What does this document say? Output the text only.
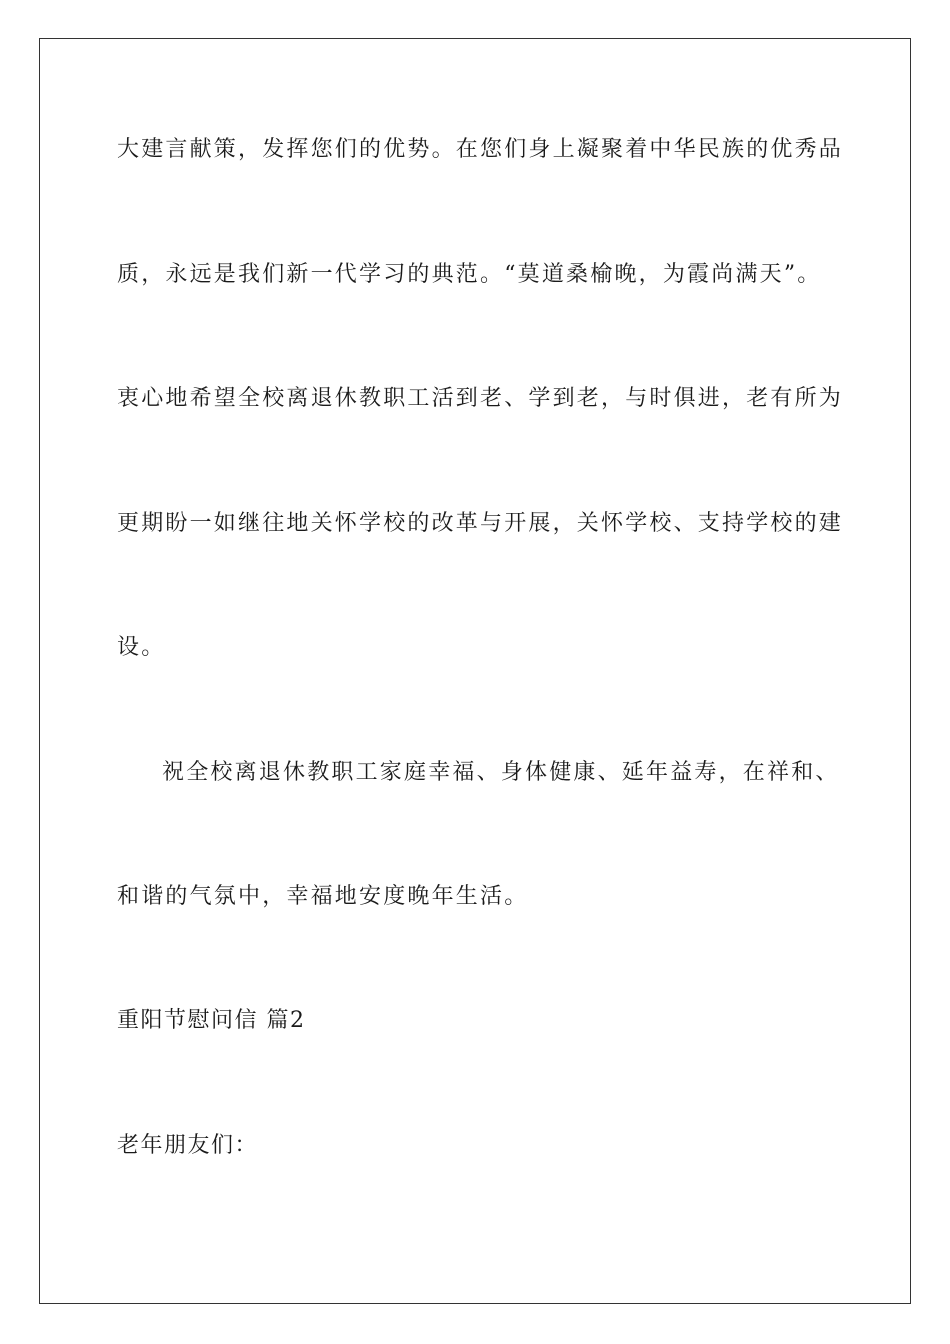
大建言献策，发挥您们的优势。在您们身上凝聚着中华民族的优秀品
质，永远是我们新一代学习的典范。“莫道桑榆晚，为霞尚满天”。
衷心地希望全校离退休教职工活到老、学到老，与时俱进，老有所为
更期盼一如继往地关怀学校的改革与开展，关怀学校、支持学校的建
设。
祝全校离退休教职工家庭幸福、身体健康、延年益寿，在祥和、
和谐的气氛中，幸福地安度晚年生活。
重阳节慰问信 篇2
老年朋友们：
